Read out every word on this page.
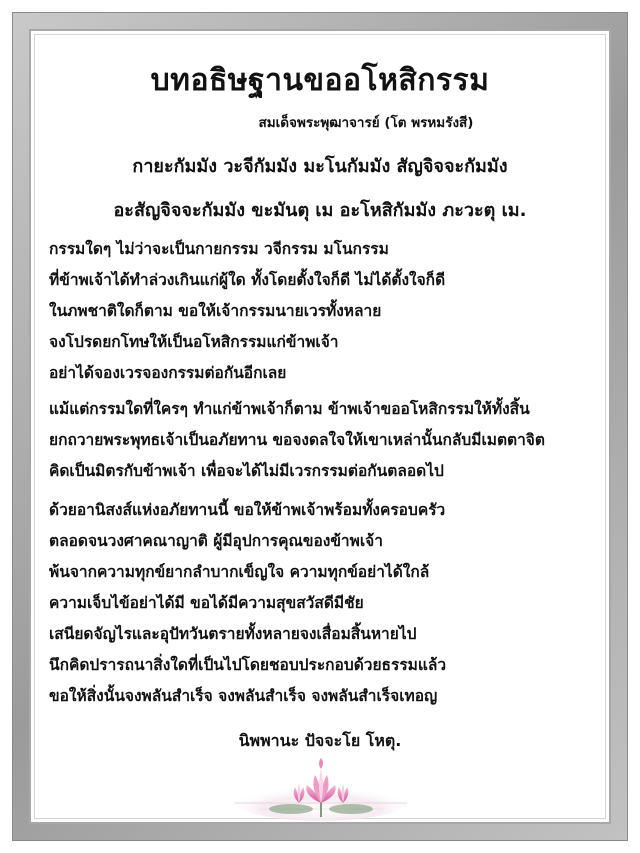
บทอธิษฐานขออโหสิกรรม
สมเด็จพระพุฒาจารย์ (โต พรหมรังสี)
กายะกัมมัง วะจีกัมมัง มะโนกัมมัง สัญจิจจะกัมมัง
อะสัญจิจจะกัมมัง ขะมันตุ เม อะโหสิกัมมัง ภะวะตุ เม.
กรรมใดๆ ไม่ว่าจะเป็นกายกรรม วจีกรรม มโนกรรม
ที่ข้าพเจ้าได้ทำล่วงเกินแก่ผู้ใด ทั้งโดยตั้งใจก็ดี ไม่ได้ตั้งใจก็ดี
ในภพชาติใดก็ตาม ขอให้เจ้ากรรมนายเวรทั้งหลาย
จงโปรดยกโทษให้เป็นอโหสิกรรมแก่ข้าพเจ้า
อย่าได้จองเวรจองกรรมต่อกันอีกเลย
แม้แต่กรรมใดที่ใครๆ ทำแก่ข้าพเจ้าก็ตาม ข้าพเจ้าขออโหสิกรรมให้ทั้งสิ้น
ยกถวายพระพุทธเจ้าเป็นอภัยทาน ขอจงดลใจให้เขาเหล่านั้นกลับมีเมตตาจิต
คิดเป็นมิตรกับข้าพเจ้า เพื่อจะได้ไม่มีเวรกรรมต่อกันตลอดไป
ด้วยอานิสงส์แห่งอภัยทานนี้ ขอให้ข้าพเจ้าพร้อมทั้งครอบครัว
ตลอดจนวงศาคณาญาติ ผู้มีอุปการคุณของข้าพเจ้า
พ้นจากความทุกข์ยากลำบากเข็ญใจ ความทุกข์อย่าได้ใกล้
ความเจ็บไข้อย่าได้มี ขอได้มีความสุขสวัสดีมีชัย
เสนียดจัญไรและอุปัทวันตรายทั้งหลายจงเสื่อมสิ้นหายไป
นึกคิดปรารถนาสิ่งใดที่เป็นไปโดยชอบประกอบด้วยธรรมแล้ว
ขอให้สิ่งนั้นจงพลันสำเร็จ จงพลันสำเร็จ จงพลันสำเร็จเทอญ
นิพพานะ ปัจจะโย โหตุ.
